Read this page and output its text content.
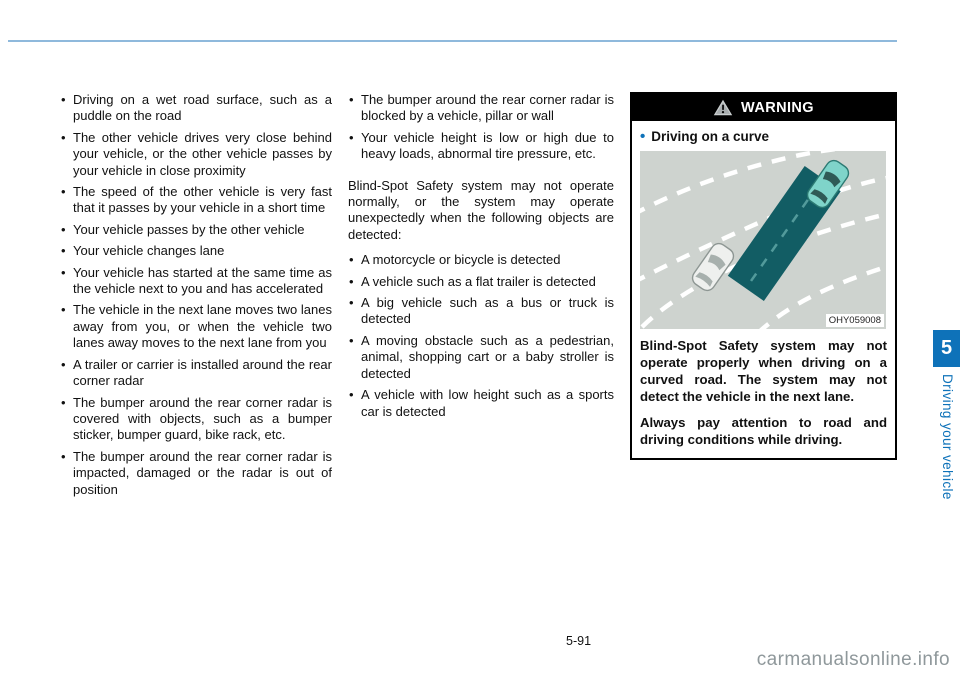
• Driving on a wet road surface, such as a puddle on the road
• The other vehicle drives very close behind your vehicle, or the other vehicle passes by your vehicle in close proximity
• The speed of the other vehicle is very fast that it passes by your vehicle in a short time
• Your vehicle passes by the other vehicle
• Your vehicle changes lane
• Your vehicle has started at the same time as the vehicle next to you and has accelerated
• The vehicle in the next lane moves two lanes away from you, or when the vehicle two lanes away moves to the next lane from you
• A trailer or carrier is installed around the rear corner radar
• The bumper around the rear corner radar is covered with objects, such as a bumper sticker, bumper guard, bike rack, etc.
• The bumper around the rear corner radar is impacted, damaged or the radar is out of position
• The bumper around the rear corner radar is blocked by a vehicle, pillar or wall
• Your vehicle height is low or high due to heavy loads, abnormal tire pressure, etc.

Blind-Spot Safety system may not operate normally, or the system may operate unexpectedly when the following objects are detected:

• A motorcycle or bicycle is detected
• A vehicle such as a flat trailer is detected
• A big vehicle such as a bus or truck is detected
• A moving obstacle such as a pedestrian, animal, shopping cart or a baby stroller is detected
• A vehicle with low height such as a sports car is detected
WARNING
• Driving on a curve
OHY059008

Blind-Spot Safety system may not operate properly when driving on a curved road. The system may not detect the vehicle in the next lane.

Always pay attention to road and driving conditions while driving.

5
Driving your vehicle
5-91
carmanualsonline.info
